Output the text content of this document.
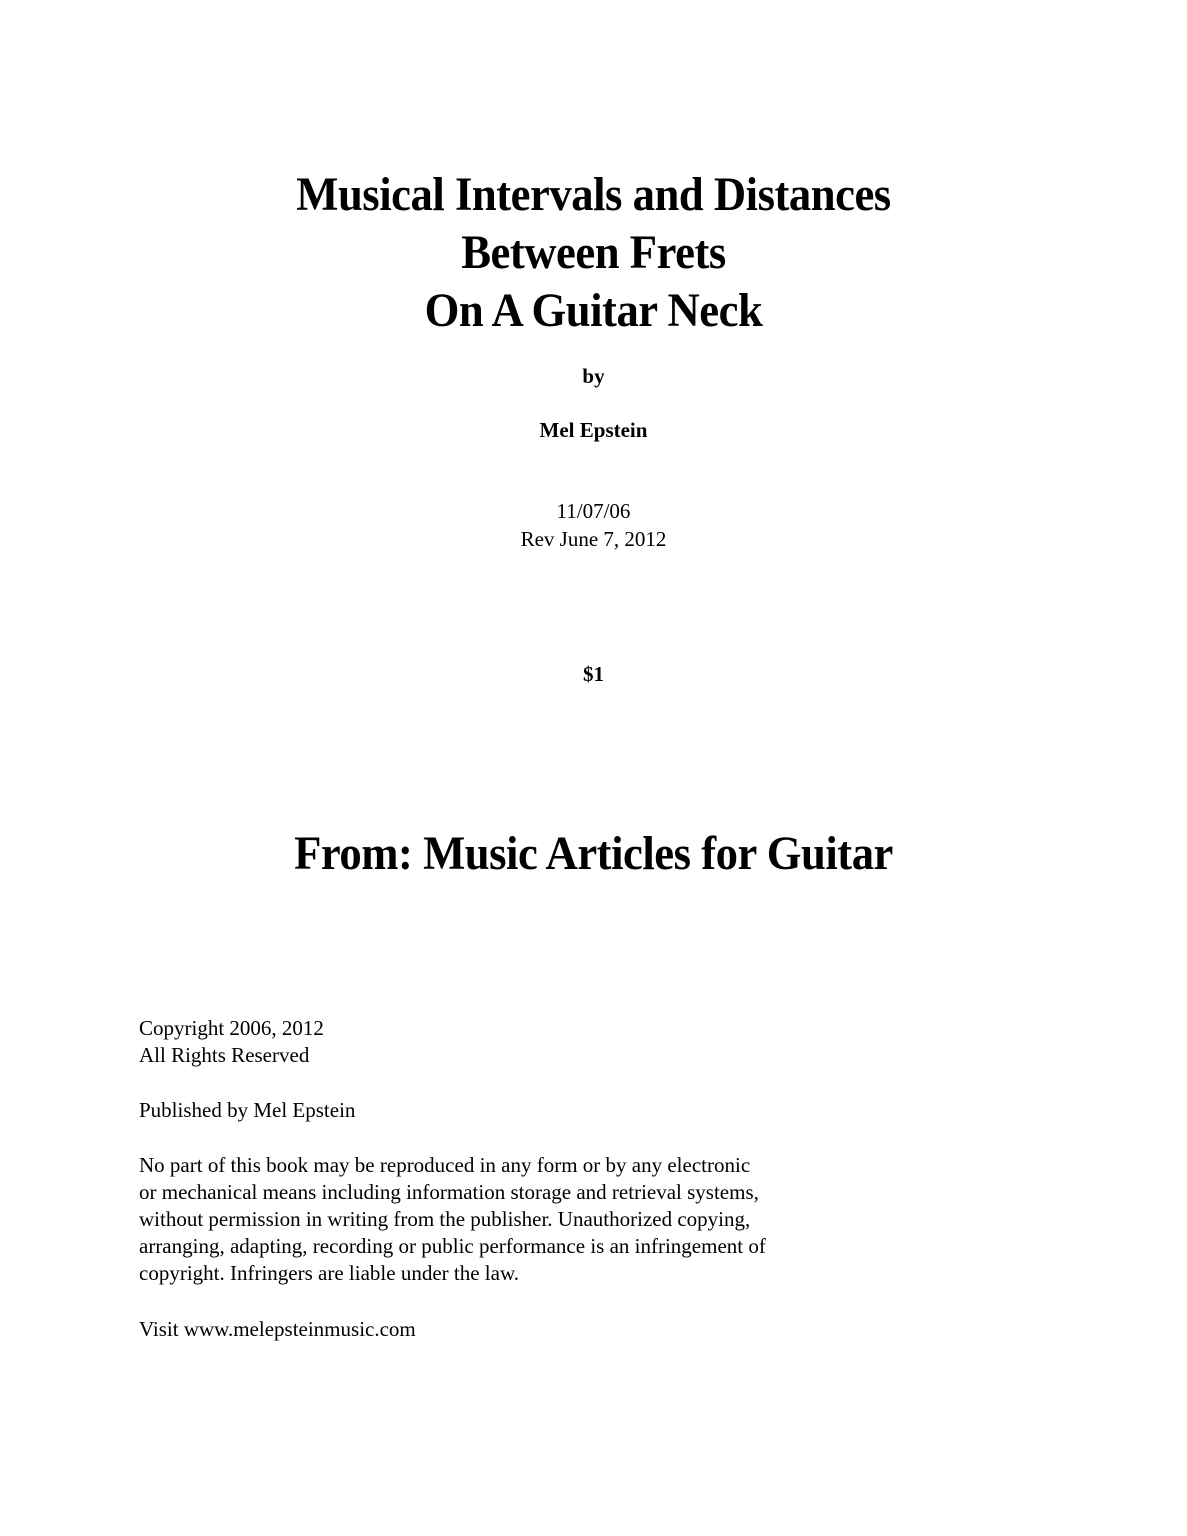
Musical Intervals and Distances
Between Frets
On A Guitar Neck
by
Mel Epstein
11/07/06
Rev June 7, 2012
$1
From: Music Articles for Guitar
Copyright 2006, 2012
All Rights Reserved
Published by Mel Epstein
No part of this book may be reproduced in any form or by any electronic
or mechanical means including information storage and retrieval systems,
without permission in writing from the publisher. Unauthorized copying,
arranging, adapting, recording or public performance is an infringement of
copyright. Infringers are liable under the law.
Visit www.melepsteinmusic.com
